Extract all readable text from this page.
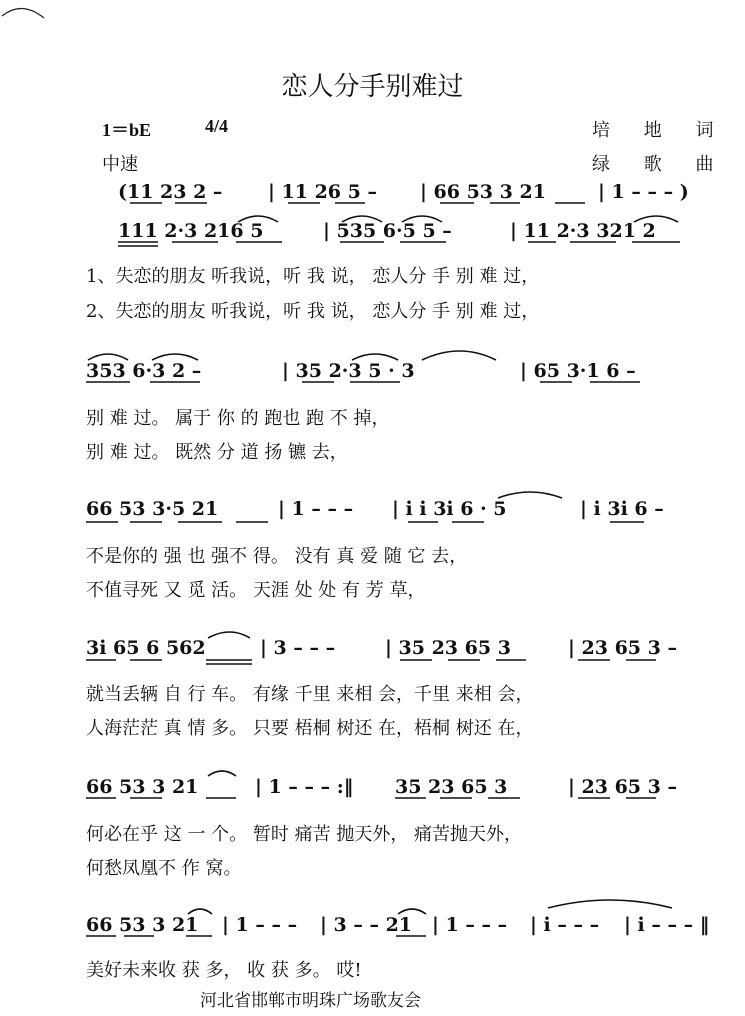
恋人分手别难过
1＝bE	4/4
中速
培 地 词
绿 歌 曲
(11 23 2 – | 11 26 5 – | 66 53 3 21	| 1 – – – )
111 2·3 216 5	| 535 6·5 5 –	| 11 2·3 321 2
1、失恋的朋友 听我说，听 我 说， 恋人分 手 别 难 过，
2、失恋的朋友 听我说，听 我 说， 恋人分 手 别 难 过，
353 6·3 2 –	| 35 2·3 5 · 3	| 65 3·1 6 –
别 难 过。 属于 你 的 跑也 跑 不 掉，
别 难 过。 既然 分 道 扬 镳 去，
66 53 3·5 21	| 1 – – – | i i 3i 6 · 5	| i 3i 6 –
不是你的 强 也 强不 得。 没有 真 爱 随 它 去，
不值寻死 又 觅 活。 天涯 处 处 有 芳 草，
3i 65 6 562	| 3 – – –	| 35 23 65 3	| 23 65 3 –
就当丢辆 自 行 车。 有缘 千里 来相 会，千里 来相 会，
人海茫茫 真 情 多。 只要 梧桐 树还 在，梧桐 树还 在，
66 53 3 21	| 1 – – – :‖ 35 23 65 3	| 23 65 3 –
何必在乎 这 一 个。 暂时 痛苦 抛天外， 痛苦抛天外，
何愁凤凰不 作 窝。
66 53 3 21 | 1 – – – | 3 – – 21 | 1 – – – | i – – – | i – – – ‖
美好未来收 获 多， 收 获 多。 哎!
河北省邯郸市明珠广场歌友会
